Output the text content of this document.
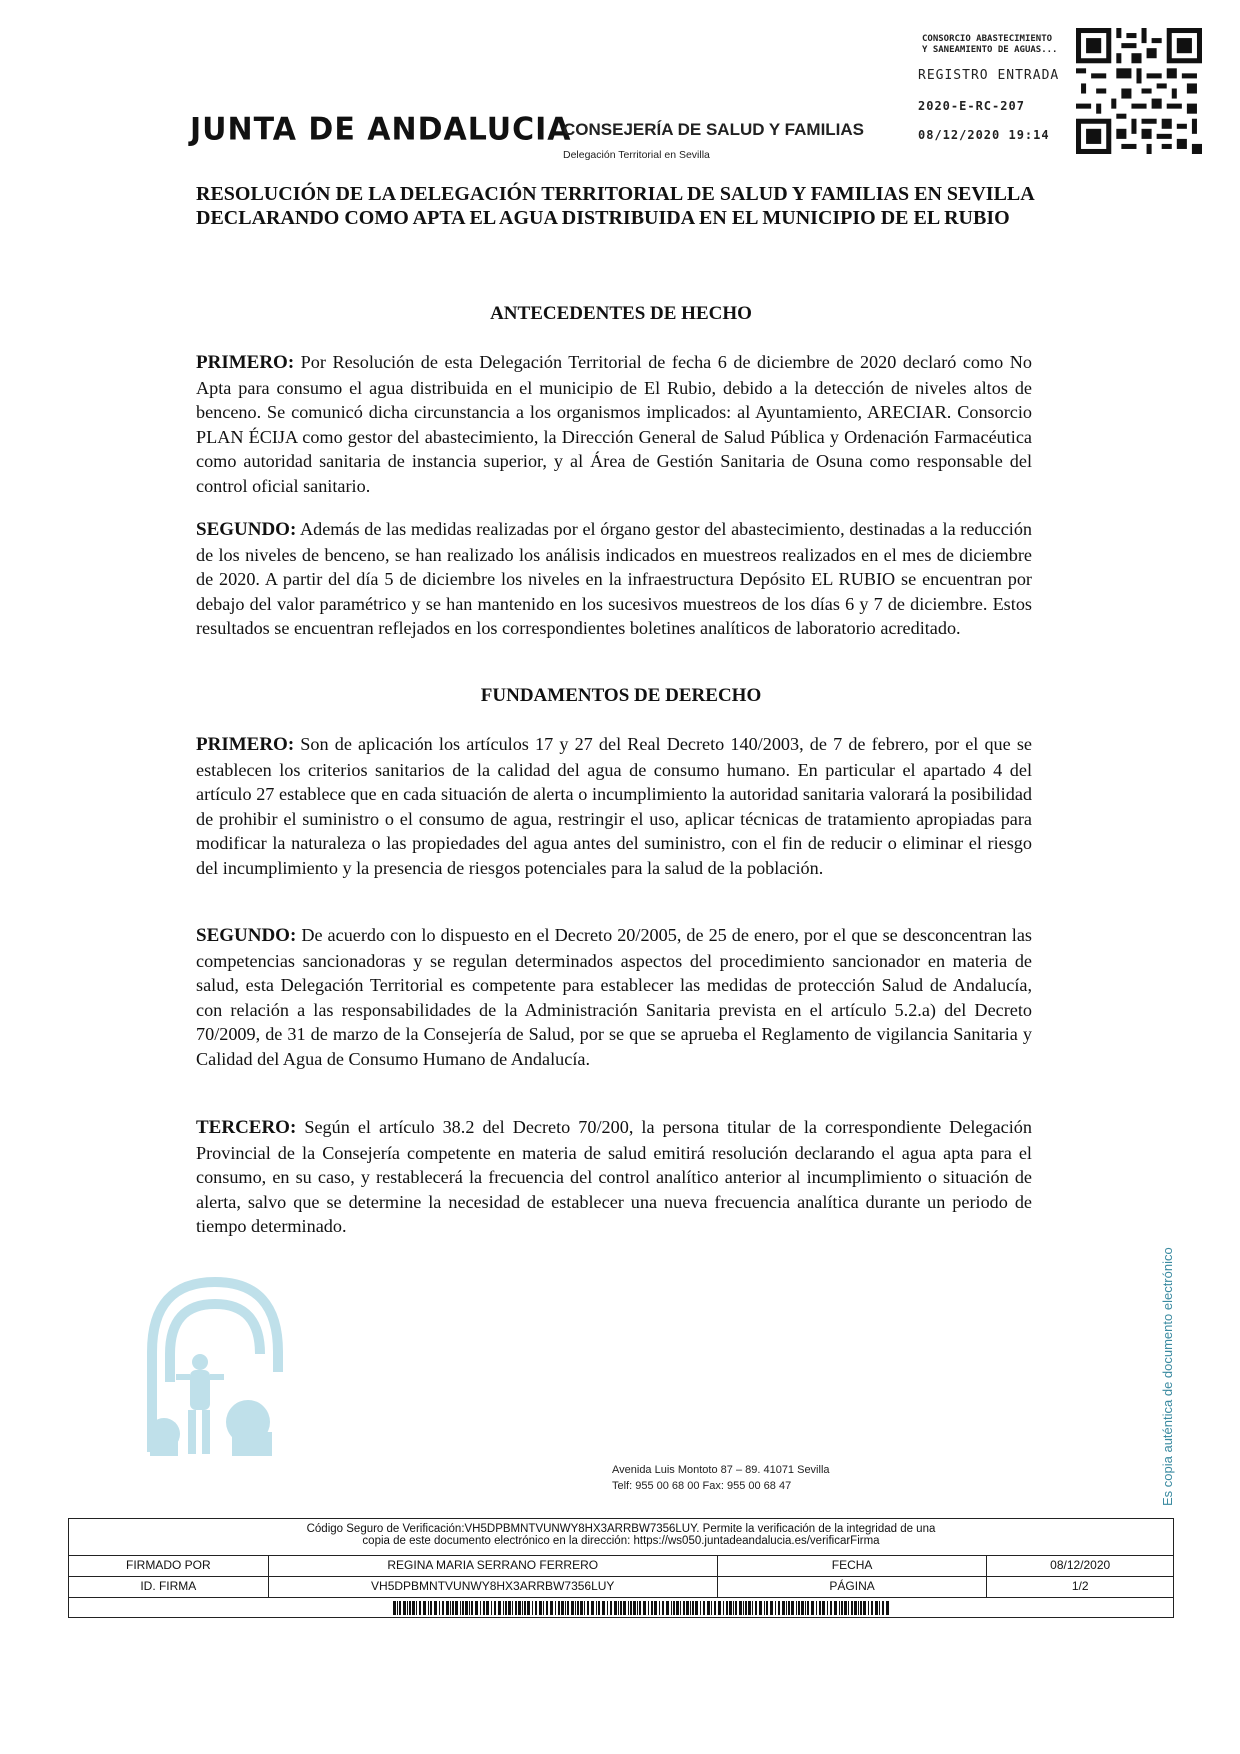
JUNTA DE ANDALUCIA
CONSEJERÍA DE SALUD Y FAMILIAS
Delegación Territorial en Sevilla
CONSORCIO ABASTECIMIENTO
Y SANEAMIENTO DE AGUAS...
REGISTRO ENTRADA
2020-E-RC-207
08/12/2020 19:14
RESOLUCIÓN DE LA DELEGACIÓN TERRITORIAL DE SALUD Y FAMILIAS EN SEVILLA DECLARANDO COMO APTA EL AGUA DISTRIBUIDA EN EL MUNICIPIO DE EL RUBIO
ANTECEDENTES DE HECHO
PRIMERO: Por Resolución de esta Delegación Territorial de fecha 6 de diciembre de 2020 declaró como No Apta para consumo el agua distribuida en el municipio de El Rubio, debido a la detección de niveles altos de benceno. Se comunicó dicha circunstancia a los organismos implicados: al Ayuntamiento, ARECIAR. Consorcio PLAN ÉCIJA como gestor del abastecimiento, la Dirección General de Salud Pública y Ordenación Farmacéutica como autoridad sanitaria de instancia superior, y al Área de Gestión Sanitaria de Osuna como responsable del control oficial sanitario.
SEGUNDO: Además de las medidas realizadas por el órgano gestor del abastecimiento, destinadas a la reducción de los niveles de benceno, se han realizado los análisis indicados en muestreos realizados en el mes de diciembre de 2020. A partir del día 5 de diciembre los niveles en la infraestructura Depósito EL RUBIO se encuentran por debajo del valor paramétrico y se han mantenido en los sucesivos muestreos de los días 6 y 7 de diciembre. Estos resultados se encuentran reflejados en los correspondientes boletines analíticos de laboratorio acreditado.
FUNDAMENTOS DE DERECHO
PRIMERO: Son de aplicación los artículos 17 y 27 del Real Decreto 140/2003, de 7 de febrero, por el que se establecen los criterios sanitarios de la calidad del agua de consumo humano. En particular el apartado 4 del artículo 27 establece que en cada situación de alerta o incumplimiento la autoridad sanitaria valorará la posibilidad de prohibir el suministro o el consumo de agua, restringir el uso, aplicar técnicas de tratamiento apropiadas para modificar la naturaleza o las propiedades del agua antes del suministro, con el fin de reducir o eliminar el riesgo del incumplimiento y la presencia de riesgos potenciales para la salud de la población.
SEGUNDO: De acuerdo con lo dispuesto en el Decreto 20/2005, de 25 de enero, por el que se desconcentran las competencias sancionadoras y se regulan determinados aspectos del procedimiento sancionador en materia de salud, esta Delegación Territorial es competente para establecer las medidas de protección Salud de Andalucía, con relación a las responsabilidades de la Administración Sanitaria prevista en el artículo 5.2.a) del Decreto 70/2009, de 31 de marzo de la Consejería de Salud, por se que se aprueba el Reglamento de vigilancia Sanitaria y Calidad del Agua de Consumo Humano de Andalucía.
TERCERO: Según el artículo 38.2 del Decreto 70/200, la persona titular de la correspondiente Delegación Provincial de la Consejería competente en materia de salud emitirá resolución declarando el agua apta para el consumo, en su caso, y restablecerá la frecuencia del control analítico anterior al incumplimiento o situación de alerta, salvo que se determine la necesidad de establecer una nueva frecuencia analítica durante un periodo de tiempo determinado.
Avenida Luis Montoto 87 – 89. 41071 Sevilla
Telf: 955 00 68 00 Fax: 955 00 68 47	Es copia auténtica de documento electrónico
Código Seguro de Verificación:VH5DPBMNTVUNWY8HX3ARRBW7356LUY. Permite la verificación de la integridad de una
copia de este documento electrónico en la dirección: https://ws050.juntadeandalucia.es/verificarFirma
FIRMADO POR	REGINA MARIA SERRANO FERRERO	FECHA	08/12/2020
ID. FIRMA	VH5DPBMNTVUNWY8HX3ARRBW7356LUY	PÁGINA	1/2
